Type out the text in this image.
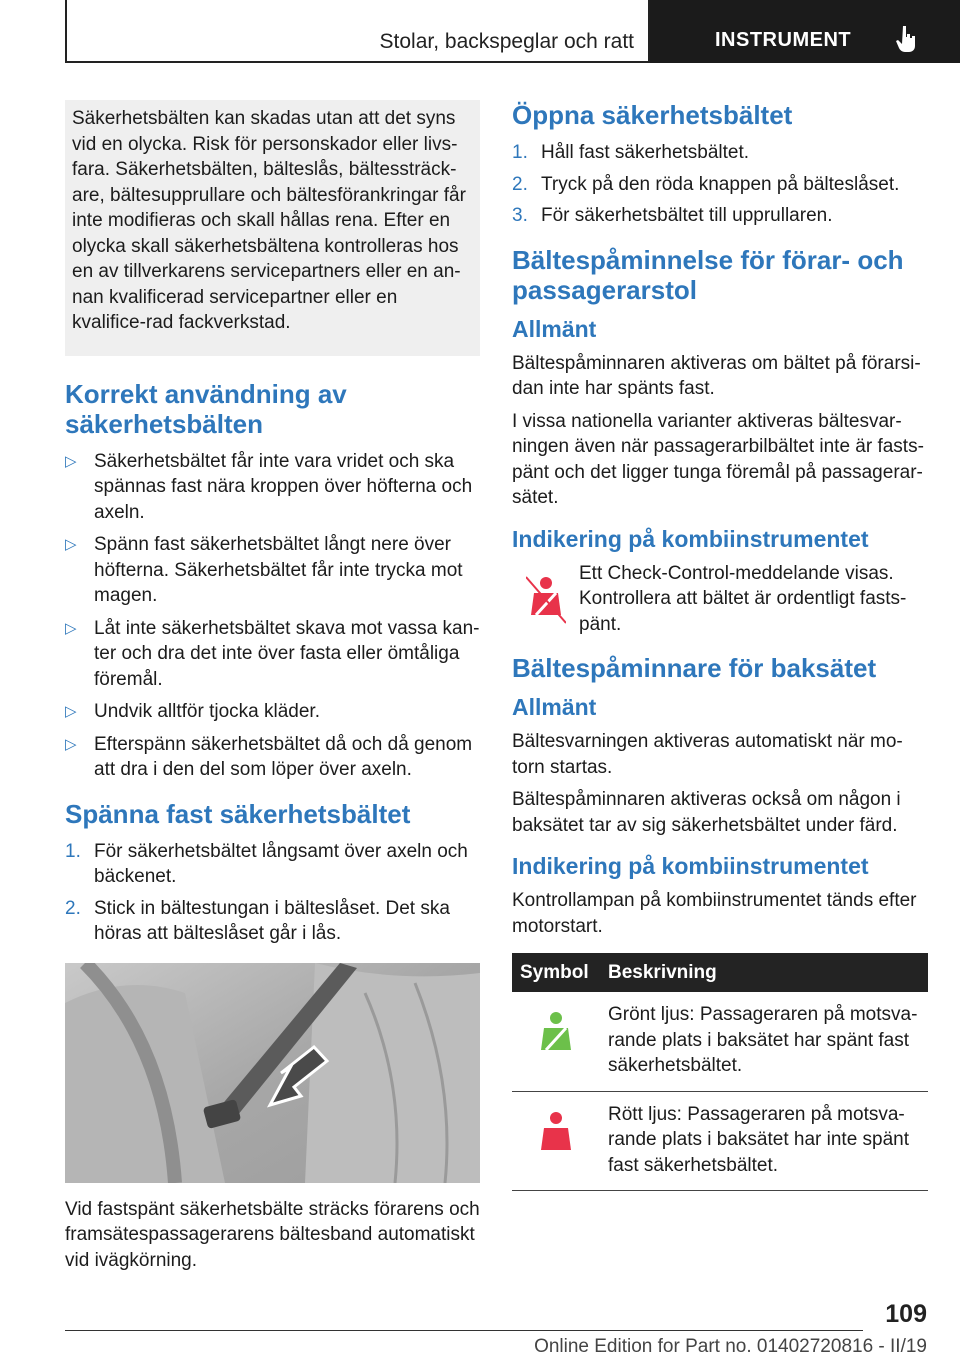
Stolar, backspeglar och ratt	INSTRUMENT
Säkerhetsbälten kan skadas utan att det syns vid en olycka. Risk för personskador eller livs-fara. Säkerhetsbälten, bälteslås, bältessträck-are, bältesupprullare och bältesförankringar får inte modifieras och skall hållas rena. Efter en olycka skall säkerhetsbältena kontrolleras hos en av tillverkarens servicepartners eller en an-nan kvalificerad servicepartner eller en kvalifice-rad fackverkstad.
Korrekt användning av säkerhetsbälten
▷ Säkerhetsbältet får inte vara vridet och ska spännas fast nära kroppen över höfterna och axeln.
▷ Spänn fast säkerhetsbältet långt nere över höfterna. Säkerhetsbältet får inte trycka mot magen.
▷ Låt inte säkerhetsbältet skava mot vassa kan-ter och dra det inte över fasta eller ömtåliga föremål.
▷ Undvik alltför tjocka kläder.
▷ Efterspänn säkerhetsbältet då och då genom att dra i den del som löper över axeln.
Spänna fast säkerhetsbältet
1. För säkerhetsbältet långsamt över axeln och bäckenet.
2. Stick in bältestungan i bälteslåset. Det ska höras att bälteslåset går i lås.

Vid fastspänt säkerhetsbälte sträcks förarens och framsätespassagerarens bältesband automatiskt vid ivägkörning.

Öppna säkerhetsbältet
1. Håll fast säkerhetsbältet.
2. Tryck på den röda knappen på bälteslåset.
3. För säkerhetsbältet till upprullaren.
Bältespåminnelse för förar- och passagerarstol
Allmänt

Bältespåminnaren aktiveras om bältet på förarsi-dan inte har spänts fast.

I vissa nationella varianter aktiveras bältesvar-ningen även när passagerarbilbältet inte är fasts-pänt och det ligger tunga föremål på passagerar-sätet.

Indikering på kombiinstrumentet
Ett Check-Control-meddelande visas. Kontrollera att bältet är ordentligt fasts-pänt.
Bältespåminnare för baksätet
Allmänt

Bältesvarningen aktiveras automatiskt när mo-torn startas.

Bältespåminnaren aktiveras också om någon i baksätet tar av sig säkerhetsbältet under färd.

Indikering på kombiinstrumentet

Kontrollampan på kombiinstrumentet tänds efter motorstart.

Symbol	Beskrivning
	Grönt ljus: Passageraren på motsva-rande plats i baksätet har spänt fast säkerhetsbältet.
	Rött ljus: Passageraren på motsva-rande plats i baksätet har inte spänt fast säkerhetsbältet.
109
Online Edition for Part no. 01402720816 - II/19
